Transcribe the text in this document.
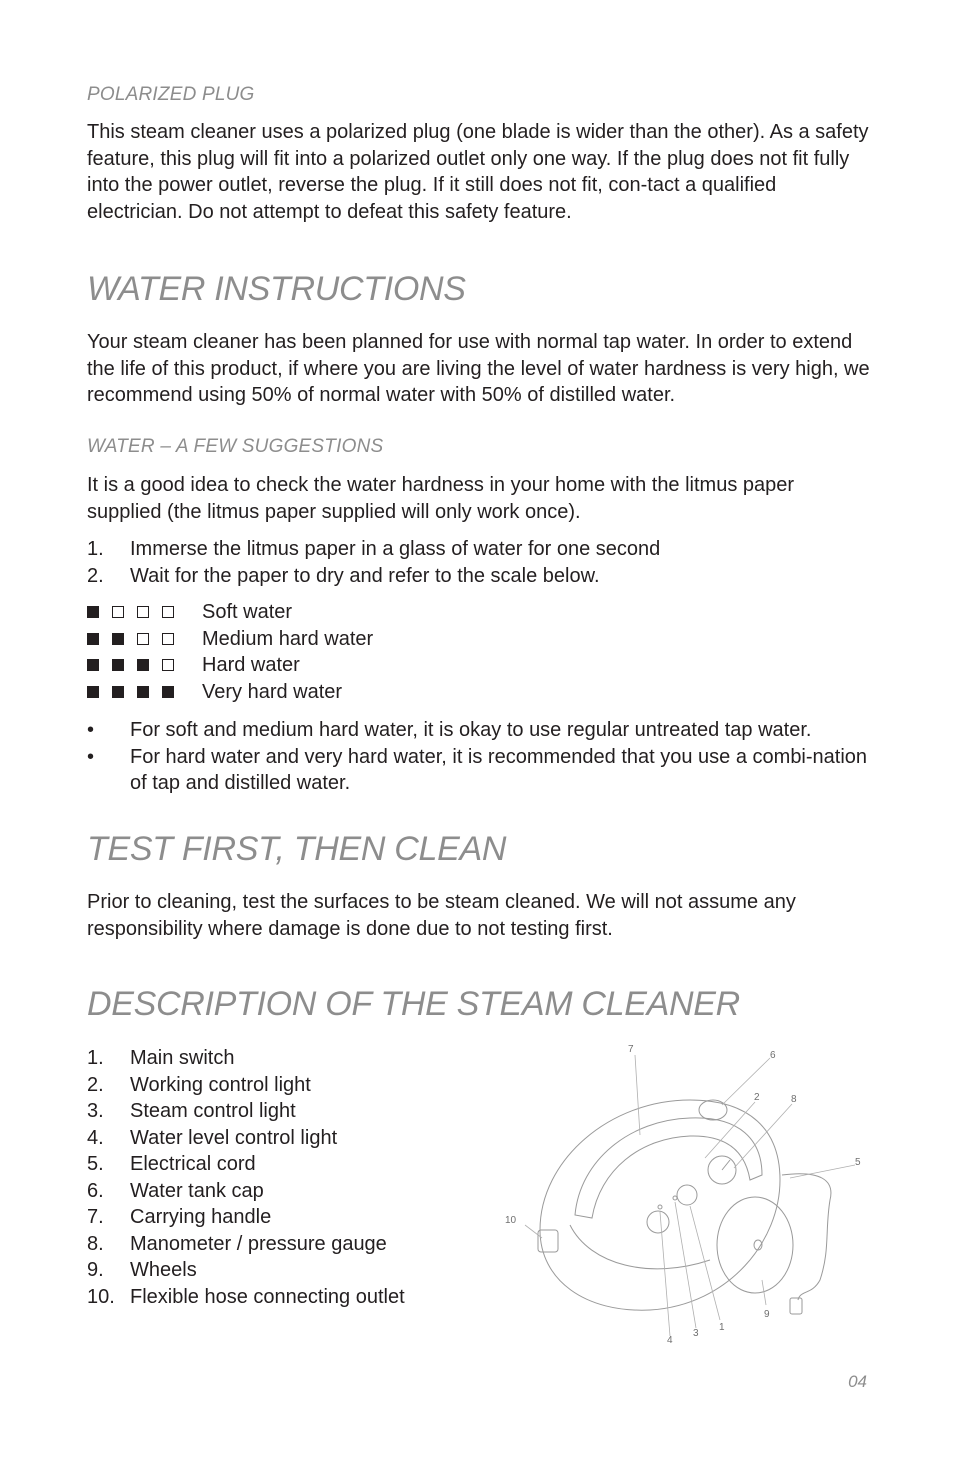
POLARIZED PLUG

This steam cleaner uses a polarized plug (one blade is wider than the other). As a safety feature, this plug will fit into a polarized outlet only one way. If the plug does not fit fully into the power outlet, reverse the plug. If it still does not fit, con-tact a qualified electrician. Do not attempt to defeat this safety feature.

WATER INSTRUCTIONS

Your steam cleaner has been planned for use with normal tap water. In order to extend the life of this product, if where you are living the level of water hardness is very high, we recommend using 50% of normal water with 50% of distilled water.

WATER – A FEW SUGGESTIONS

It is a good idea to check the water hardness in your home with the litmus paper supplied (the litmus paper supplied will only work once).

1. Immerse the litmus paper in a glass of water for one second
2. Wait for the paper to dry and refer to the scale below.
Soft water
Medium hard water
Hard water
Very hard water
• For soft and medium hard water, it is okay to use regular untreated tap water.
• For hard water and very hard water, it is recommended that you use a combi-nation of tap and distilled water.
TEST FIRST, THEN CLEAN

Prior to cleaning, test the surfaces to be steam cleaned. We will not assume any responsibility where damage is done due to not testing first.

DESCRIPTION OF THE STEAM CLEANER
1. Main switch
2. Working control light
3. Steam control light
4. Water level control light
5. Electrical cord
6. Water tank cap
7. Carrying handle
8. Manometer / pressure gauge
9. Wheels
10. Flexible hose connecting outlet
7
6
2	8
5
10
9
1
3
4
04
